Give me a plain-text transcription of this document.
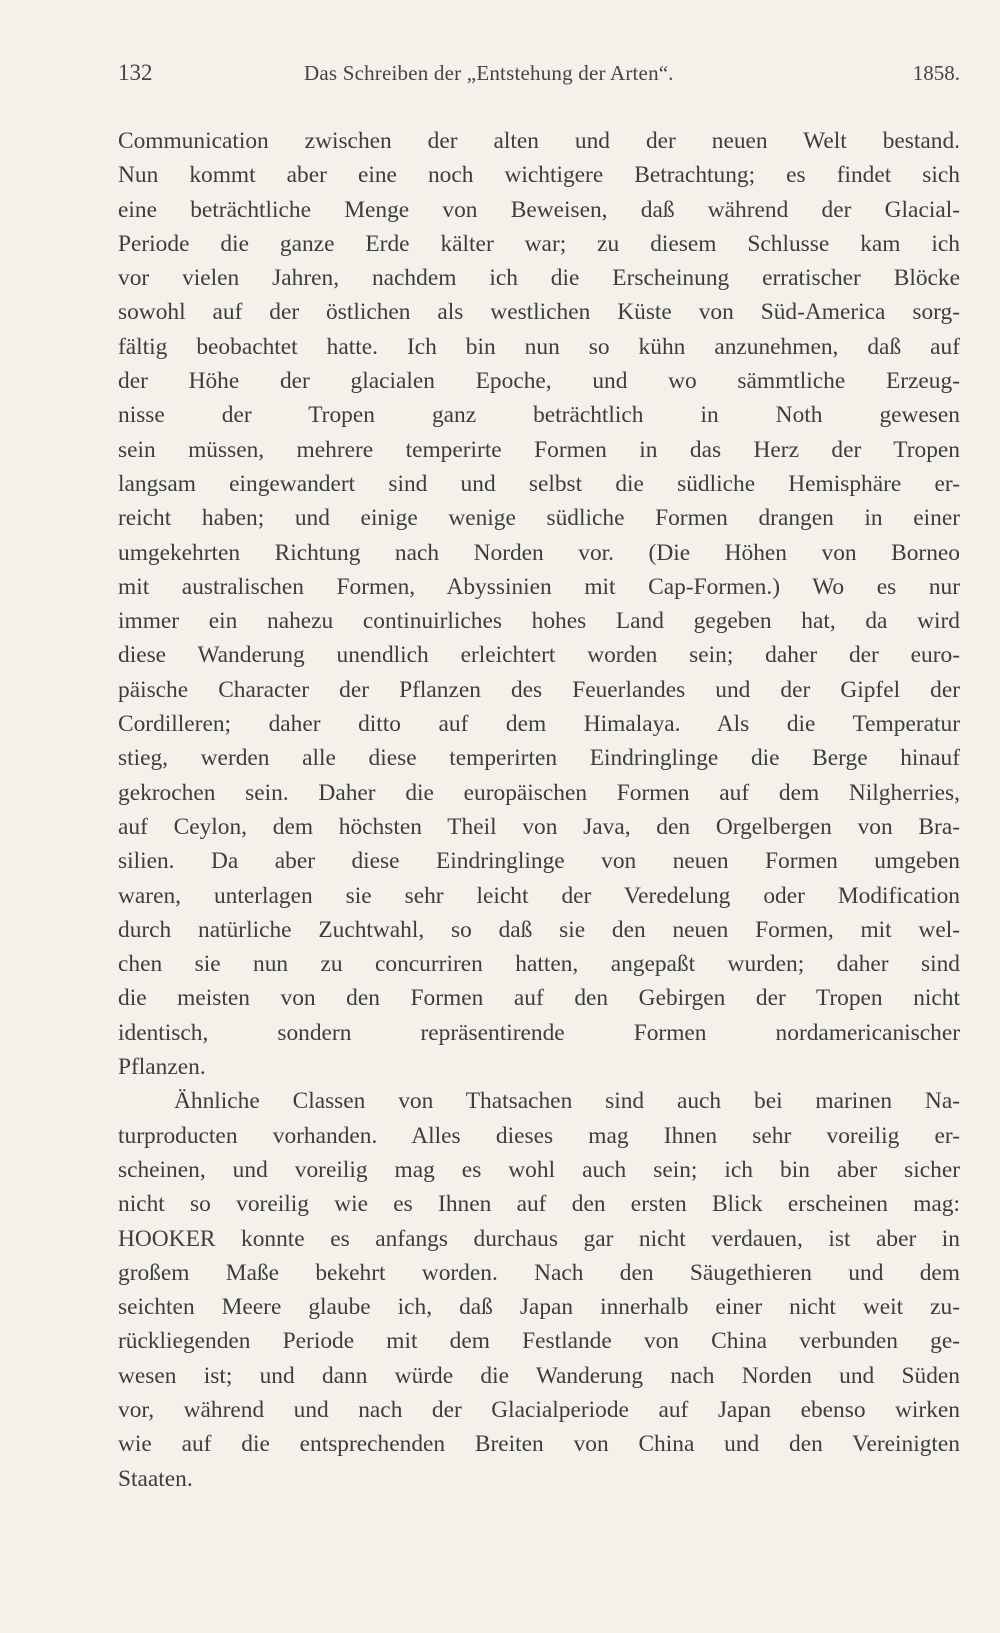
132	Das Schreiben der „Entstehung der Arten“.	1858.
Communication zwischen der alten und der neuen Welt bestand.
Nun kommt aber eine noch wichtigere Betrachtung; es findet sich
eine beträchtliche Menge von Beweisen, daß während der Glacial-
Periode die ganze Erde kälter war; zu diesem Schlusse kam ich
vor vielen Jahren, nachdem ich die Erscheinung erratischer Blöcke
sowohl auf der östlichen als westlichen Küste von Süd-America sorg-
fältig beobachtet hatte. Ich bin nun so kühn anzunehmen, daß auf
der Höhe der glacialen Epoche, und wo sämmtliche Erzeug-
nisse der Tropen ganz beträchtlich in Noth gewesen
sein müssen, mehrere temperirte Formen in das Herz der Tropen
langsam eingewandert sind und selbst die südliche Hemisphäre er-
reicht haben; und einige wenige südliche Formen drangen in einer
umgekehrten Richtung nach Norden vor. (Die Höhen von Borneo
mit australischen Formen, Abyssinien mit Cap-Formen.) Wo es nur
immer ein nahezu continuirliches hohes Land gegeben hat, da wird
diese Wanderung unendlich erleichtert worden sein; daher der euro-
päische Character der Pflanzen des Feuerlandes und der Gipfel der
Cordilleren; daher ditto auf dem Himalaya. Als die Temperatur
stieg, werden alle diese temperirten Eindringlinge die Berge hinauf
gekrochen sein. Daher die europäischen Formen auf dem Nilgherries,
auf Ceylon, dem höchsten Theil von Java, den Orgelbergen von Bra-
silien. Da aber diese Eindringlinge von neuen Formen umgeben
waren, unterlagen sie sehr leicht der Veredelung oder Modification
durch natürliche Zuchtwahl, so daß sie den neuen Formen, mit wel-
chen sie nun zu concurriren hatten, angepaßt wurden; daher sind
die meisten von den Formen auf den Gebirgen der Tropen nicht
identisch, sondern repräsentirende Formen nordamericanischer
Pflanzen.
Ähnliche Classen von Thatsachen sind auch bei marinen Na-
turproducten vorhanden. Alles dieses mag Ihnen sehr voreilig er-
scheinen, und voreilig mag es wohl auch sein; ich bin aber sicher
nicht so voreilig wie es Ihnen auf den ersten Blick erscheinen mag:
HOOKER konnte es anfangs durchaus gar nicht verdauen, ist aber in
großem Maße bekehrt worden. Nach den Säugethieren und dem
seichten Meere glaube ich, daß Japan innerhalb einer nicht weit zu-
rückliegenden Periode mit dem Festlande von China verbunden ge-
wesen ist; und dann würde die Wanderung nach Norden und Süden
vor, während und nach der Glacialperiode auf Japan ebenso wirken
wie auf die entsprechenden Breiten von China und den Vereinigten
Staaten.
